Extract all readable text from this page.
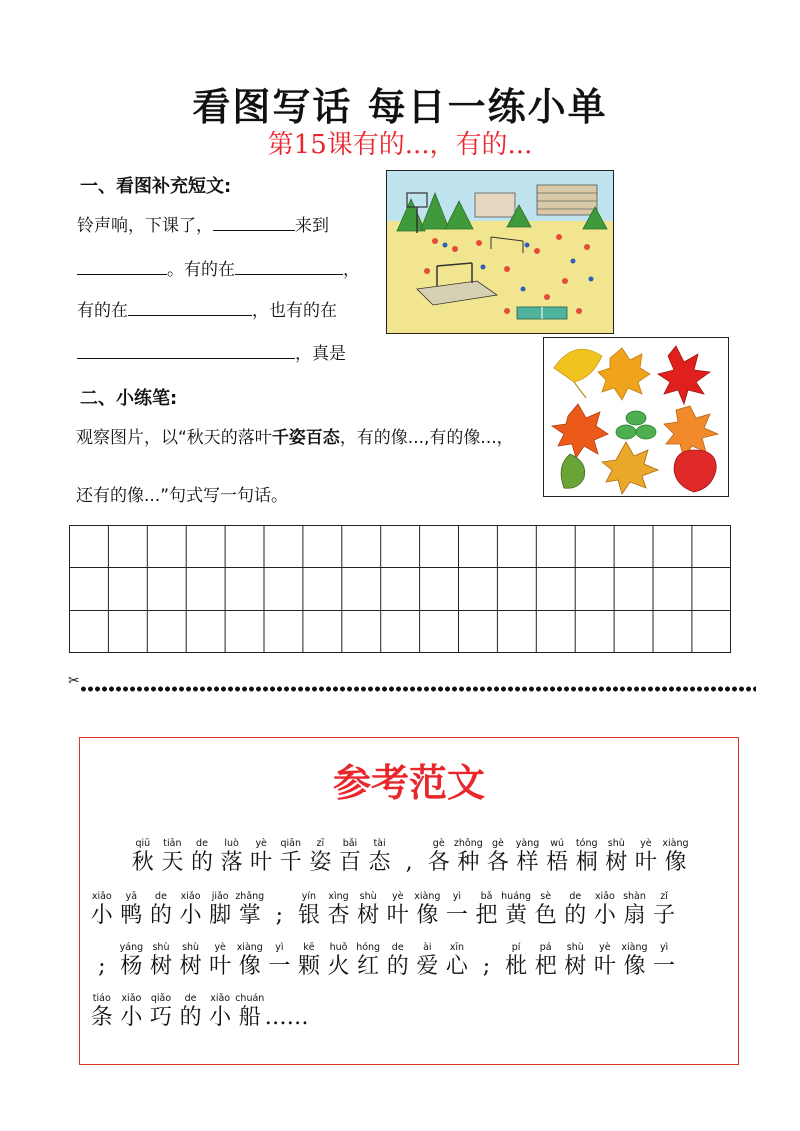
看图写话 每日一练小单
第15课有的...，有的...
一、看图补充短文:
铃声响，下课了，	来到
。有的在	，
有的在	，也有的在
，真是
二、小练笔:
观察图片，以“秋天的落叶千姿百态，有的像...,有的像...，
还有的像...”句式写一句话。
✂
参考范文
qiū
秋
tiān
天
de
的
luò
落
yè
叶
qiān
千
zī
姿
bǎi
百
tài
态 ,
gè
各
zhǒng
种
gè
各
yàng
样
wú
梧
tóng
桐
shù
树
yè
叶
xiàng
像
xiǎo
小
yā
鸭
de
的
xiǎo
小
jiǎo
脚
zhǎng
掌 ;
yín
银
xìng
杏
shù
树
yè
叶
xiàng
像
yì
一
bǎ
把
huáng
黄
sè
色
de
的
xiǎo
小
shàn
扇
zǐ
子
;
yáng
杨
shù
树
shù
树
yè
叶
xiàng
像
yì
一
kē
颗
huǒ
火
hóng
红
de
的
ài
爱
xīn
心 ;
pí
枇
pá
杷
shù
树
yè
叶
xiàng
像
yì
一
tiáo
条
xiǎo
小
qiǎo
巧
de
的
xiǎo
小
chuán
船 ……
